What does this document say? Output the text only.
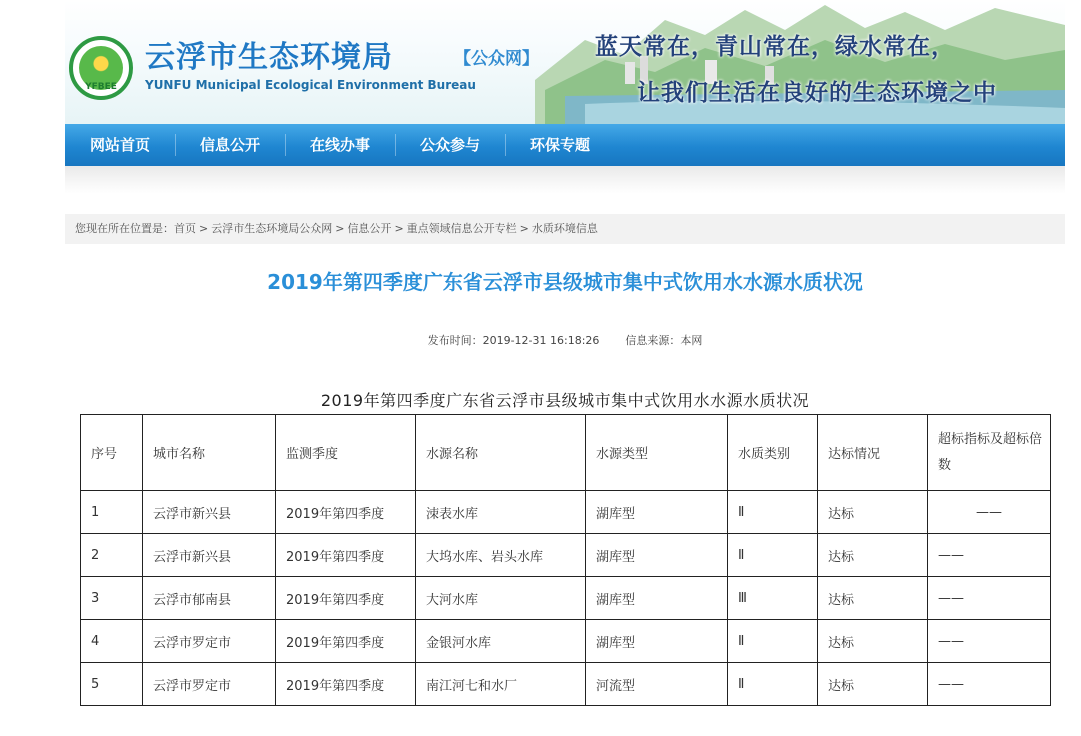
YFBEE
云浮市生态环境局	【公众网】
YUNFU Municipal Ecological Environment Bureau
蓝天常在，青山常在，绿水常在，
让我们生活在良好的生态环境之中
网站首页	信息公开	在线办事	公众参与	环保专题
您现在所在位置是：首页 > 云浮市生态环境局公众网 > 信息公开 > 重点领域信息公开专栏 > 水质环境信息
2019年第四季度广东省云浮市县级城市集中式饮用水水源水质状况
发布时间：2019-12-31 16:18:26 信息来源：本网
2019年第四季度广东省云浮市县级城市集中式饮用水水源水质状况
序号	城市名称	监测季度	水源名称	水源类型	水质类别	达标情况	超标指标及超标倍数
1	云浮市新兴县	2019年第四季度	洓表水库	湖库型	Ⅱ	达标	——
2	云浮市新兴县	2019年第四季度	大坞水库、岩头水库	湖库型	Ⅱ	达标	——
3	云浮市郁南县	2019年第四季度	大河水库	湖库型	Ⅲ	达标	——
4	云浮市罗定市	2019年第四季度	金银河水库	湖库型	Ⅱ	达标	——
5	云浮市罗定市	2019年第四季度	南江河七和水厂	河流型	Ⅱ	达标	——
